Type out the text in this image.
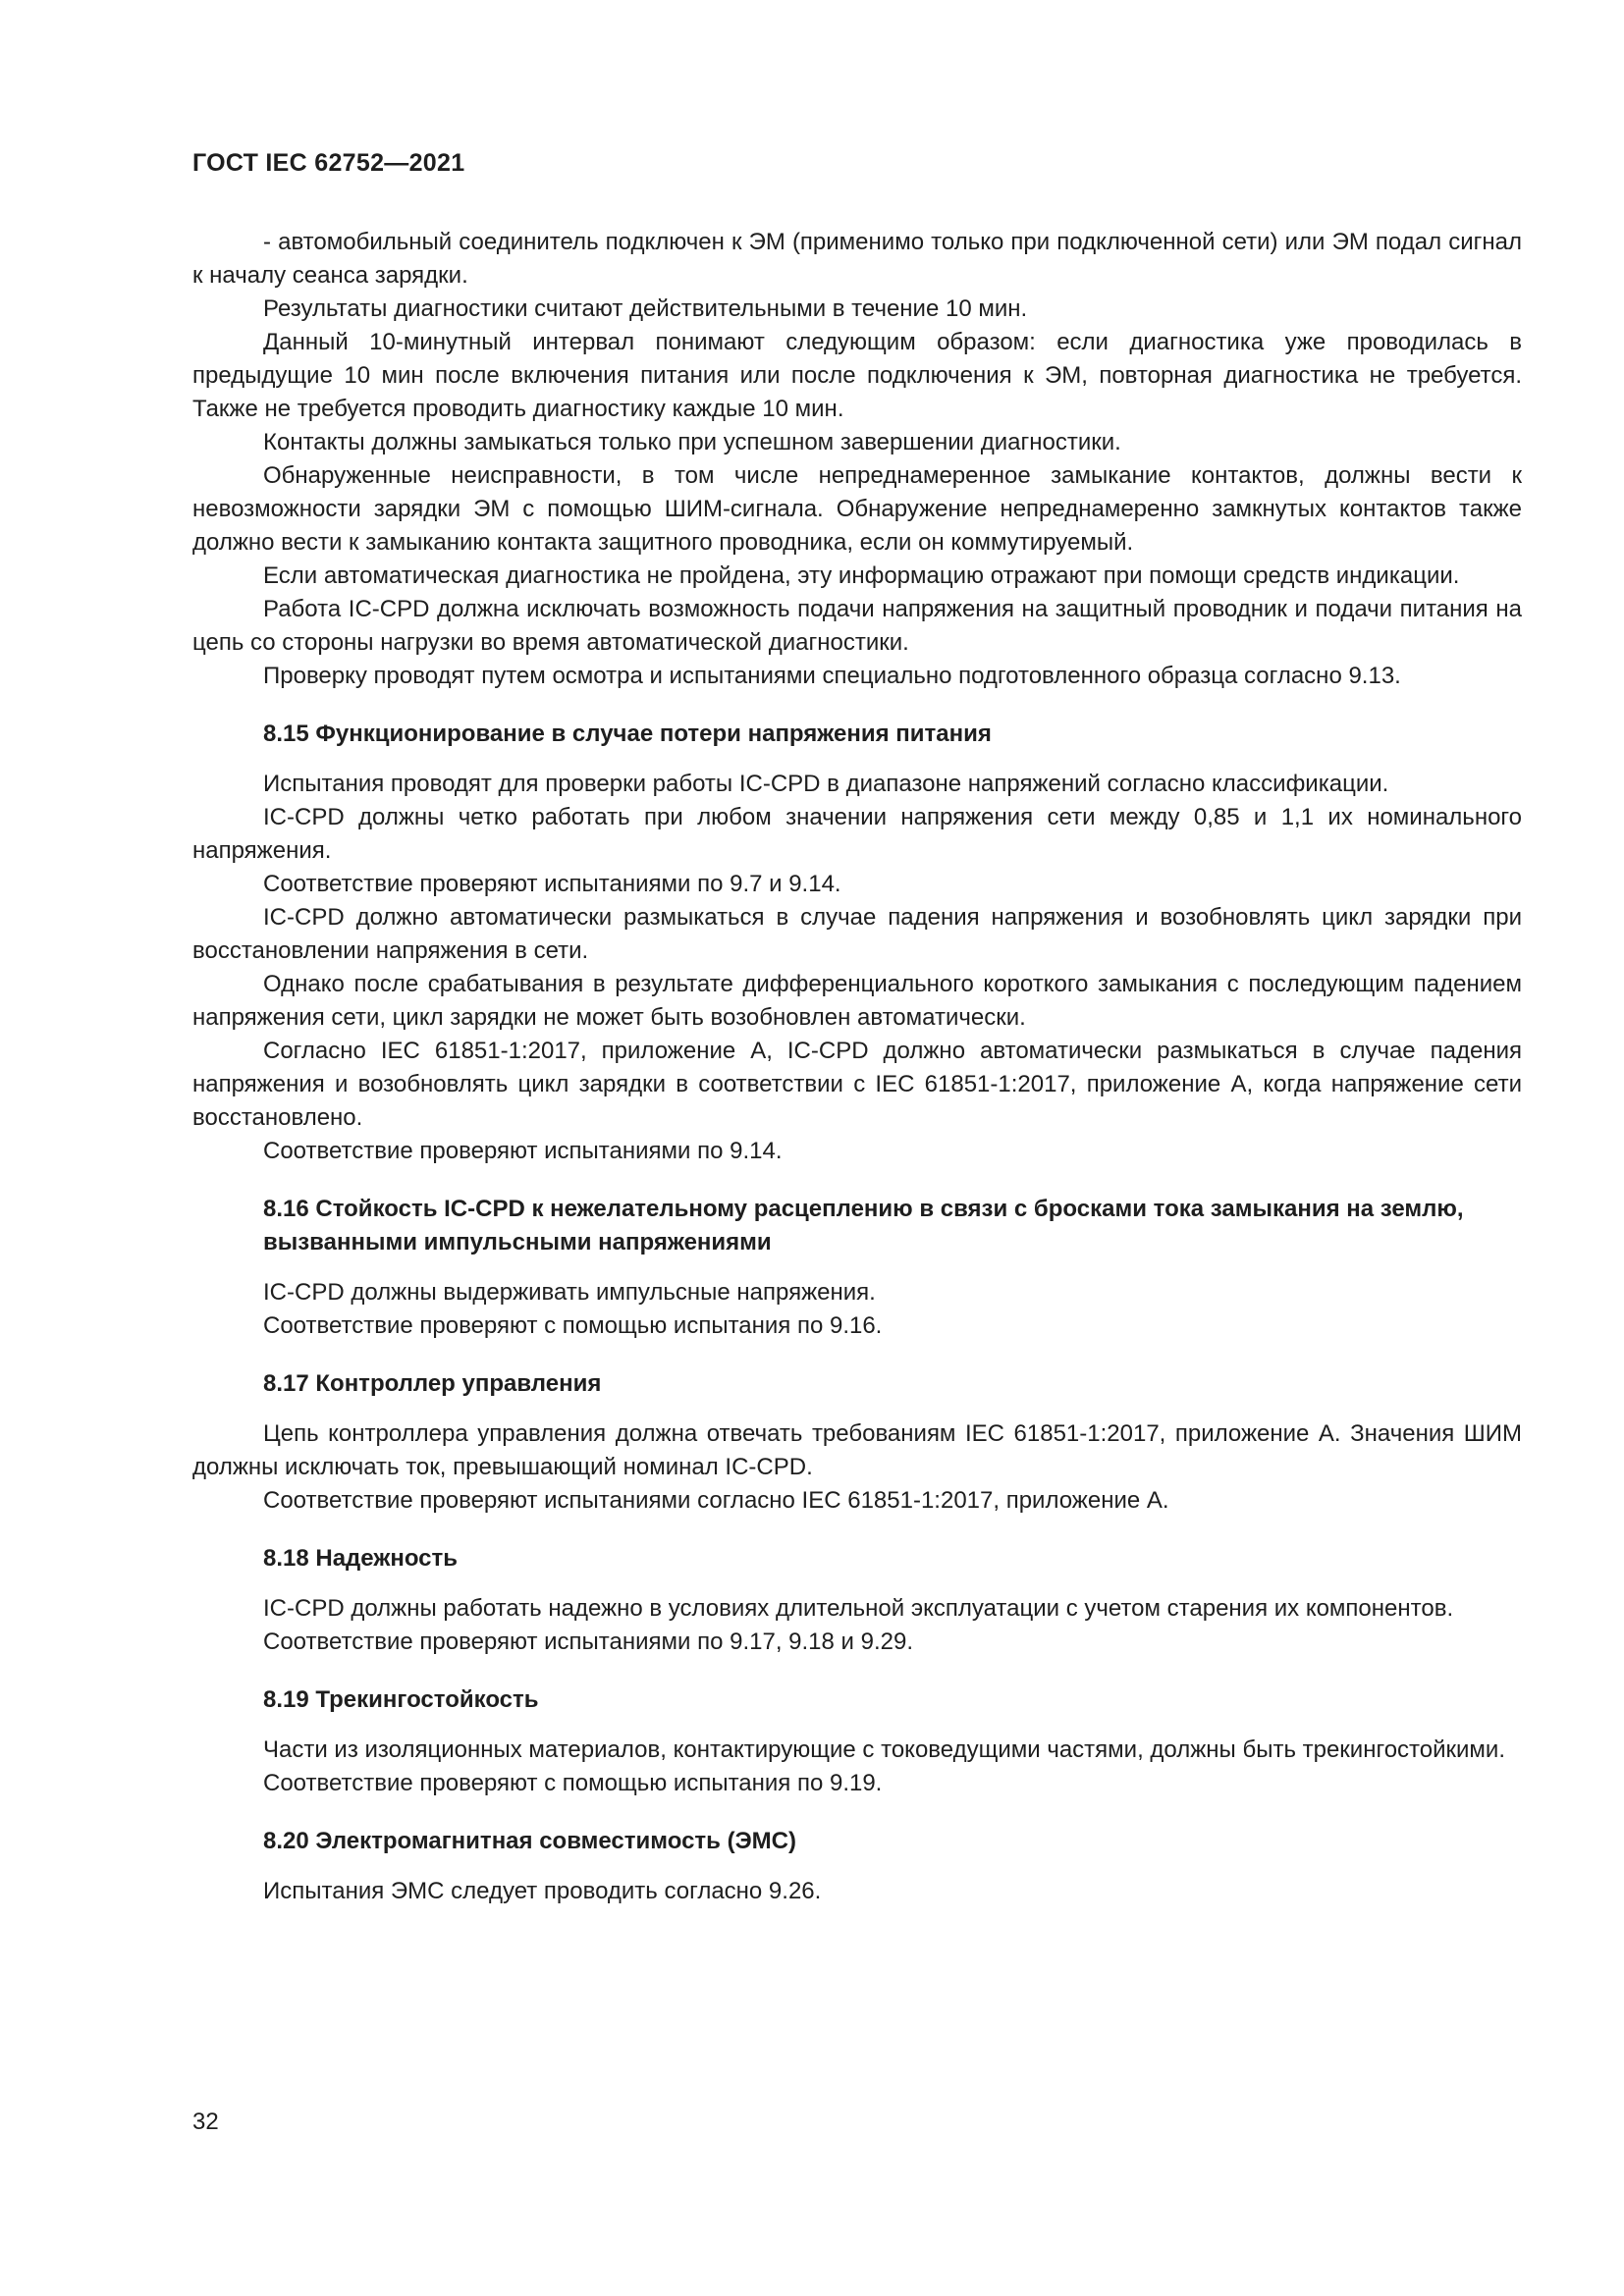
ГОСТ IEC 62752—2021

- автомобильный соединитель подключен к ЭМ (применимо только при подключенной сети) или ЭМ подал сигнал к началу сеанса зарядки.

Результаты диагностики считают действительными в течение 10 мин.

Данный 10-минутный интервал понимают следующим образом: если диагностика уже проводилась в предыдущие 10 мин после включения питания или после подключения к ЭМ, повторная диагностика не требуется. Также не требуется проводить диагностику каждые 10 мин.

Контакты должны замыкаться только при успешном завершении диагностики.

Обнаруженные неисправности, в том числе непреднамеренное замыкание контактов, должны вести к невозможности зарядки ЭМ с помощью ШИМ-сигнала. Обнаружение непреднамеренно замкнутых контактов также должно вести к замыканию контакта защитного проводника, если он коммутируемый.

Если автоматическая диагностика не пройдена, эту информацию отражают при помощи средств индикации.

Работа IC-CPD должна исключать возможность подачи напряжения на защитный проводник и подачи питания на цепь со стороны нагрузки во время автоматической диагностики.

Проверку проводят путем осмотра и испытаниями специально подготовленного образца согласно 9.13.

8.15 Функционирование в случае потери напряжения питания

Испытания проводят для проверки работы IC-CPD в диапазоне напряжений согласно классификации.

IC-CPD должны четко работать при любом значении напряжения сети между 0,85 и 1,1 их номинального напряжения.

Соответствие проверяют испытаниями по 9.7 и 9.14.

IC-CPD должно автоматически размыкаться в случае падения напряжения и возобновлять цикл зарядки при восстановлении напряжения в сети.

Однако после срабатывания в результате дифференциального короткого замыкания с последующим падением напряжения сети, цикл зарядки не может быть возобновлен автоматически.

Согласно IEC 61851-1:2017, приложение А, IC-CPD должно автоматически размыкаться в случае падения напряжения и возобновлять цикл зарядки в соответствии с IEC 61851-1:2017, приложение А, когда напряжение сети восстановлено.

Соответствие проверяют испытаниями по 9.14.

8.16 Стойкость IC-CPD к нежелательному расцеплению в связи с бросками тока замыкания на землю, вызванными импульсными напряжениями

IC-CPD должны выдерживать импульсные напряжения.

Соответствие проверяют с помощью испытания по 9.16.

8.17 Контроллер управления

Цепь контроллера управления должна отвечать требованиям IEC 61851-1:2017, приложение А. Значения ШИМ должны исключать ток, превышающий номинал IC-CPD.

Соответствие проверяют испытаниями согласно IEC 61851-1:2017, приложение А.

8.18 Надежность

IC-CPD должны работать надежно в условиях длительной эксплуатации с учетом старения их компонентов.

Соответствие проверяют испытаниями по 9.17, 9.18 и 9.29.

8.19 Трекингостойкость

Части из изоляционных материалов, контактирующие с токоведущими частями, должны быть трекингостойкими.

Соответствие проверяют с помощью испытания по 9.19.

8.20 Электромагнитная совместимость (ЭМС)

Испытания ЭМС следует проводить согласно 9.26.

32
